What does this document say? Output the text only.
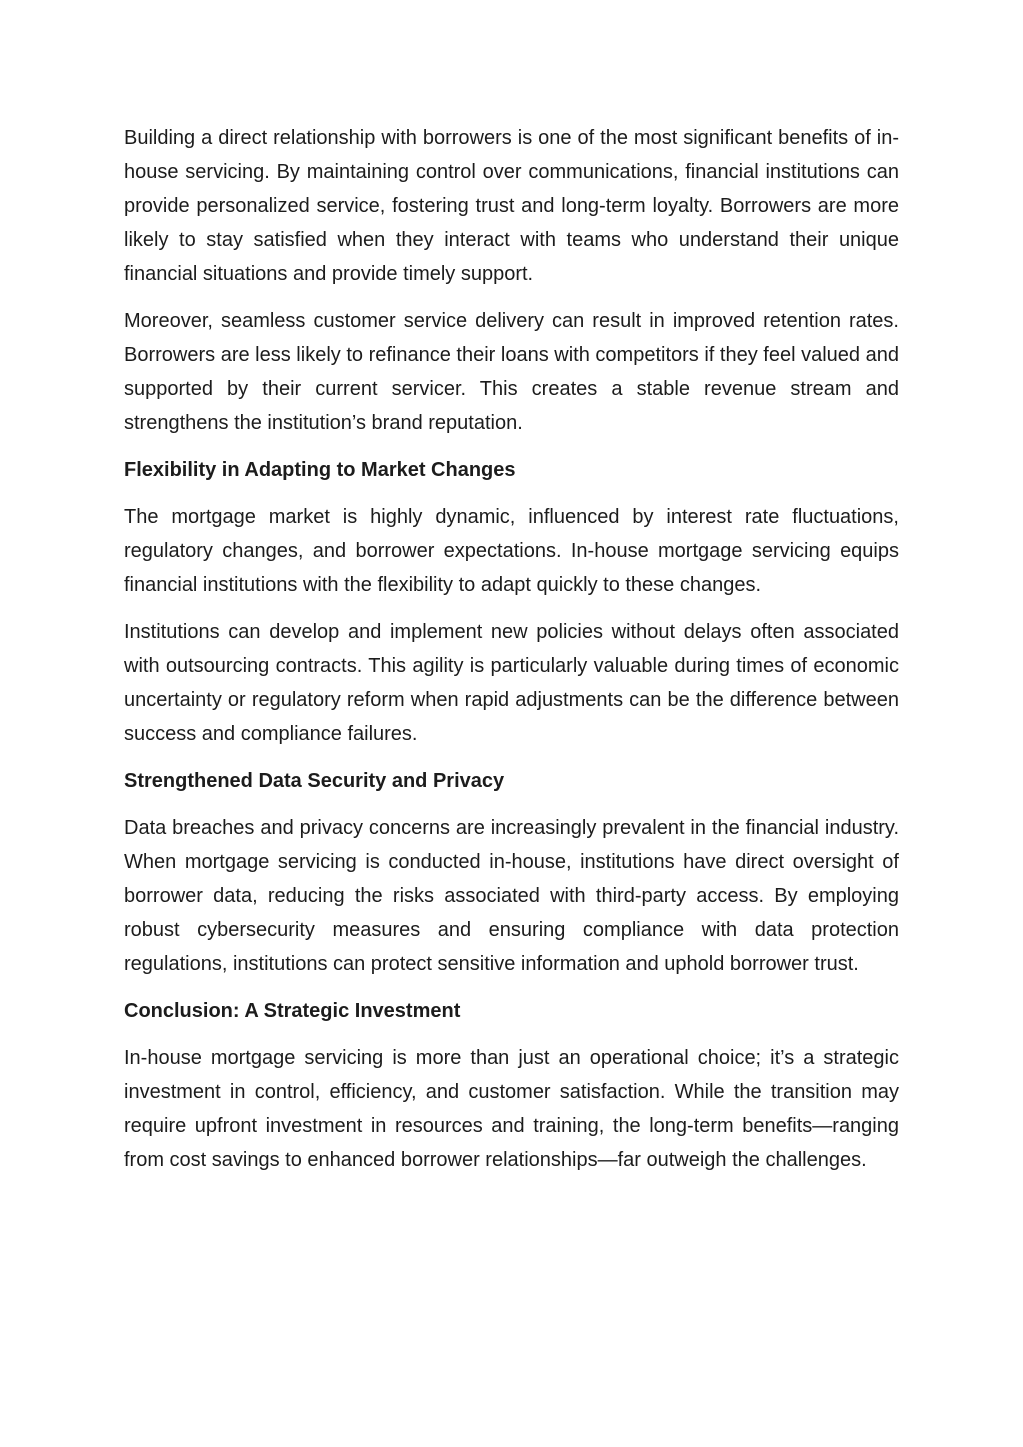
Building a direct relationship with borrowers is one of the most significant benefits of in-house servicing. By maintaining control over communications, financial institutions can provide personalized service, fostering trust and long-term loyalty. Borrowers are more likely to stay satisfied when they interact with teams who understand their unique financial situations and provide timely support.

Moreover, seamless customer service delivery can result in improved retention rates. Borrowers are less likely to refinance their loans with competitors if they feel valued and supported by their current servicer. This creates a stable revenue stream and strengthens the institution’s brand reputation.

Flexibility in Adapting to Market Changes

The mortgage market is highly dynamic, influenced by interest rate fluctuations, regulatory changes, and borrower expectations. In-house mortgage servicing equips financial institutions with the flexibility to adapt quickly to these changes.

Institutions can develop and implement new policies without delays often associated with outsourcing contracts. This agility is particularly valuable during times of economic uncertainty or regulatory reform when rapid adjustments can be the difference between success and compliance failures.

Strengthened Data Security and Privacy

Data breaches and privacy concerns are increasingly prevalent in the financial industry. When mortgage servicing is conducted in-house, institutions have direct oversight of borrower data, reducing the risks associated with third-party access. By employing robust cybersecurity measures and ensuring compliance with data protection regulations, institutions can protect sensitive information and uphold borrower trust.

Conclusion: A Strategic Investment

In-house mortgage servicing is more than just an operational choice; it’s a strategic investment in control, efficiency, and customer satisfaction. While the transition may require upfront investment in resources and training, the long-term benefits—ranging from cost savings to enhanced borrower relationships—far outweigh the challenges.
